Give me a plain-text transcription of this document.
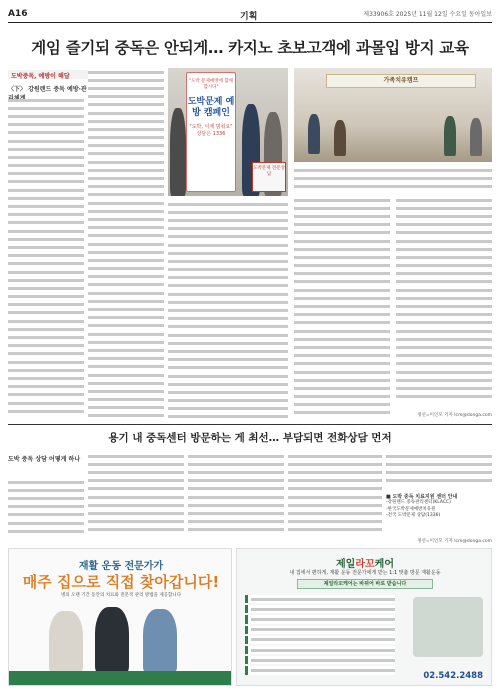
A16	기획	제33906호 2025년 11월 12일 수요일 동아일보
게임 즐기되 중독은 안되게… 카지노 초보고객에 과몰입 방지 교육
도박중독, 예방이 해답
〈下〉 강원랜드 중독 예방·관리체계
"도박 문제예방에 함께 합시다"
도박문제 예방 캠페인
"도박, 이제 멈춰요" 상담은 1336
도박문제 전문상담
가족치유캠프
정선=이인모 기자 lcm@donga.com
용기 내 중독센터 방문하는 게 최선… 부담되면 전화상담 먼저
도박 중독 상담 어떻게 하나
■ 도박 중독 치료지원 센터 안내
-강원랜드 중독관리센터(KLACC)
-한국도박문제예방치유원
-전국 도박문제 상담(1336)
정선=이인모 기자 lcm@donga.com
재활 운동 전문가가
매주 집으로 직접 찾아갑니다!
병의 오랜 기간 동안의 치료와 전문적 관리 방법을 제공합니다
제일라꼬케어
내 집에서 편하게, 재활 운동 전문가에게 받는 1:1 맞춤 방문 재활운동
제일라꼬케어는 바뀌어 바로 받습니다
02.542.2488
